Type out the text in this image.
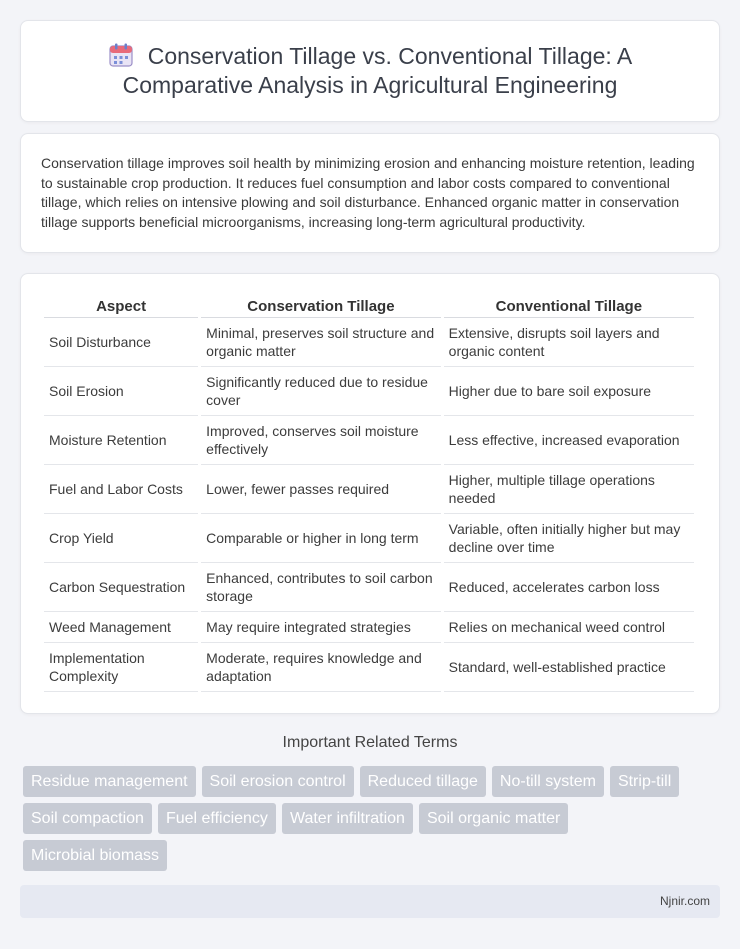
Conservation Tillage vs. Conventional Tillage: A Comparative Analysis in Agricultural Engineering

Conservation tillage improves soil health by minimizing erosion and enhancing moisture retention, leading to sustainable crop production. It reduces fuel consumption and labor costs compared to conventional tillage, which relies on intensive plowing and soil disturbance. Enhanced organic matter in conservation tillage supports beneficial microorganisms, increasing long-term agricultural productivity.

Aspect	Conservation Tillage	Conventional Tillage
Soil Disturbance	Minimal, preserves soil structure and organic matter	Extensive, disrupts soil layers and organic content
Soil Erosion	Significantly reduced due to residue cover	Higher due to bare soil exposure
Moisture Retention	Improved, conserves soil moisture effectively	Less effective, increased evaporation
Fuel and Labor Costs	Lower, fewer passes required	Higher, multiple tillage operations needed
Crop Yield	Comparable or higher in long term	Variable, often initially higher but may decline over time
Carbon Sequestration	Enhanced, contributes to soil carbon storage	Reduced, accelerates carbon loss
Weed Management	May require integrated strategies	Relies on mechanical weed control
Implementation Complexity	Moderate, requires knowledge and adaptation	Standard, well-established practice
Important Related Terms
Residue management Soil erosion control Reduced tillage No-till system Strip-till
Soil compaction Fuel efficiency Water infiltration Soil organic matter
Microbial biomass
Njnir.com
